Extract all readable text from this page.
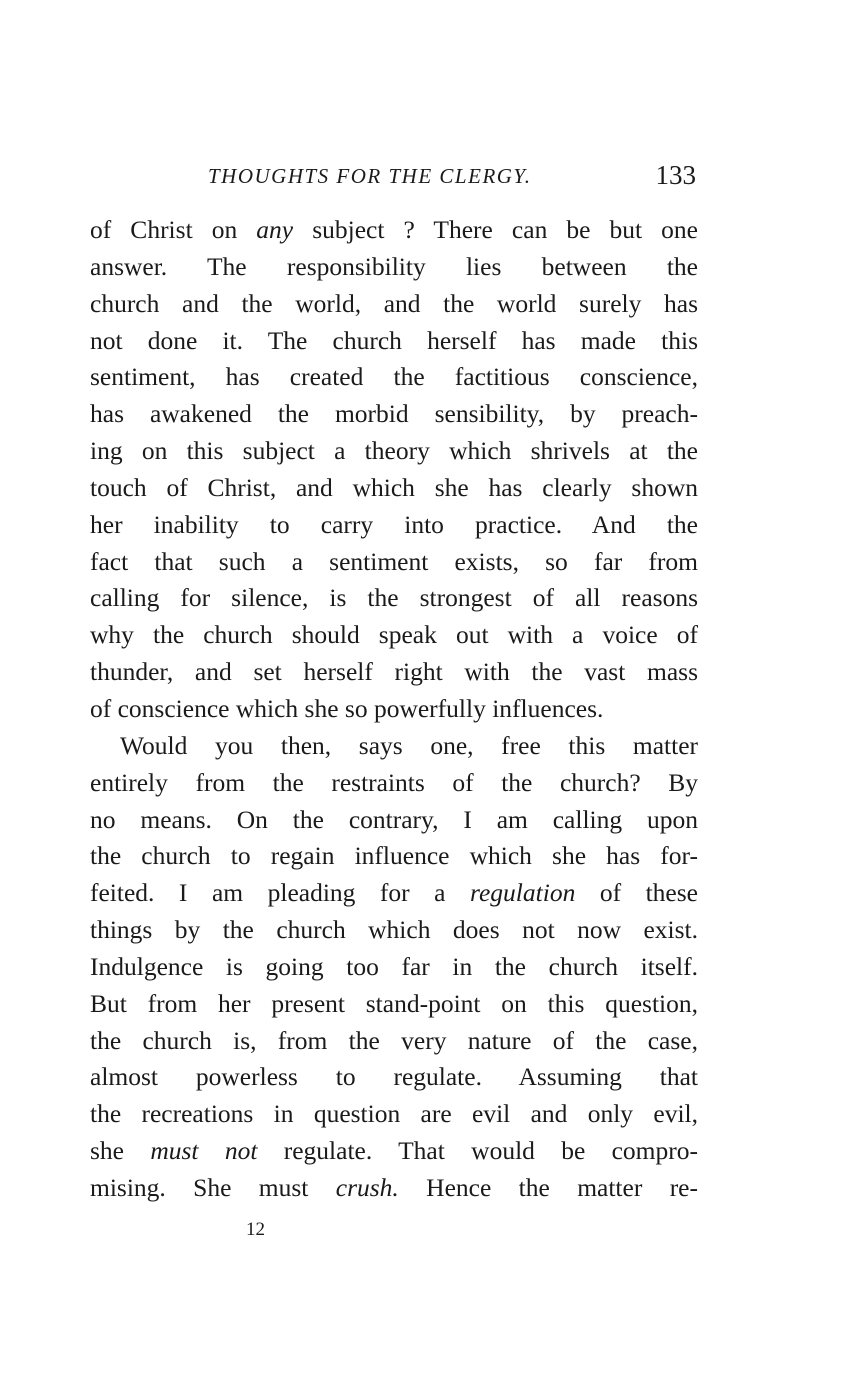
THOUGHTS FOR THE CLERGY.	133
of Christ on any subject ? There can be but one
answer. The responsibility lies between the
church and the world, and the world surely has
not done it. The church herself has made this
sentiment, has created the factitious conscience,
has awakened the morbid sensibility, by preach-
ing on this subject a theory which shrivels at the
touch of Christ, and which she has clearly shown
her inability to carry into practice. And the
fact that such a sentiment exists, so far from
calling for silence, is the strongest of all reasons
why the church should speak out with a voice of
thunder, and set herself right with the vast mass
of conscience which she so powerfully influences.
Would you then, says one, free this matter
entirely from the restraints of the church? By
no means. On the contrary, I am calling upon
the church to regain influence which she has for-
feited. I am pleading for a regulation of these
things by the church which does not now exist.
Indulgence is going too far in the church itself.
But from her present stand-point on this question,
the church is, from the very nature of the case,
almost powerless to regulate. Assuming that
the recreations in question are evil and only evil,
she must not regulate. That would be compro-
mising. She must crush. Hence the matter re-
12
